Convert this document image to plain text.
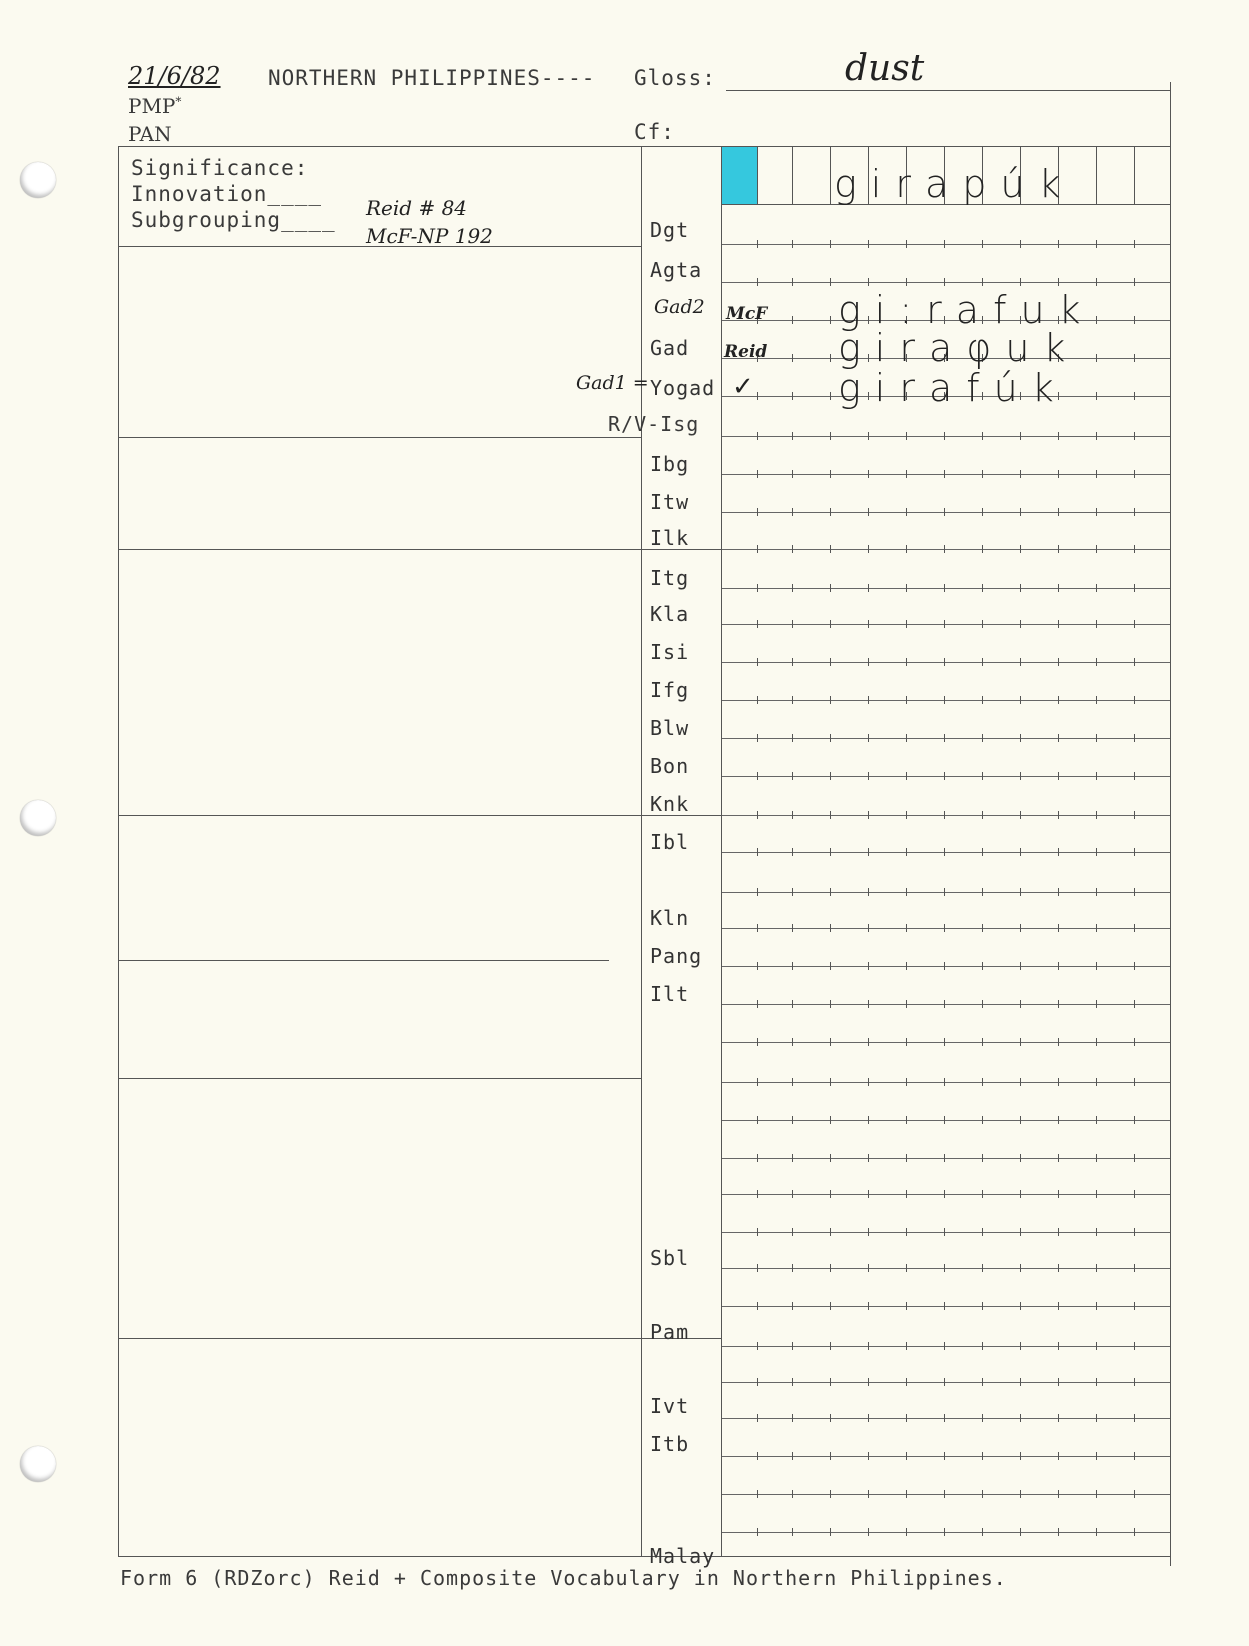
21/6/82 NORTHERN PHILIPPINES---- Gloss:	dust
PMP*
PAN	Cf:
Significance:
Innovation____
Subgrouping____ Reid # 84
McF-NP 192
girapúk
Dgt
Agta
Gad2
Gad
Gad1 = Yogad
R/V-Isg
Ibg
Itw
Ilk
Itg
Kla
Isi
Ifg
Blw
Bon
Knk
Ibl
Kln
Pang
Ilt
Sbl
Pam
Ivt
Itb
Malay
McF gi:rafuk
Reid giraφuk
✓ girafúk
Form 6 (RDZorc) Reid + Composite Vocabulary in Northern Philippines.
